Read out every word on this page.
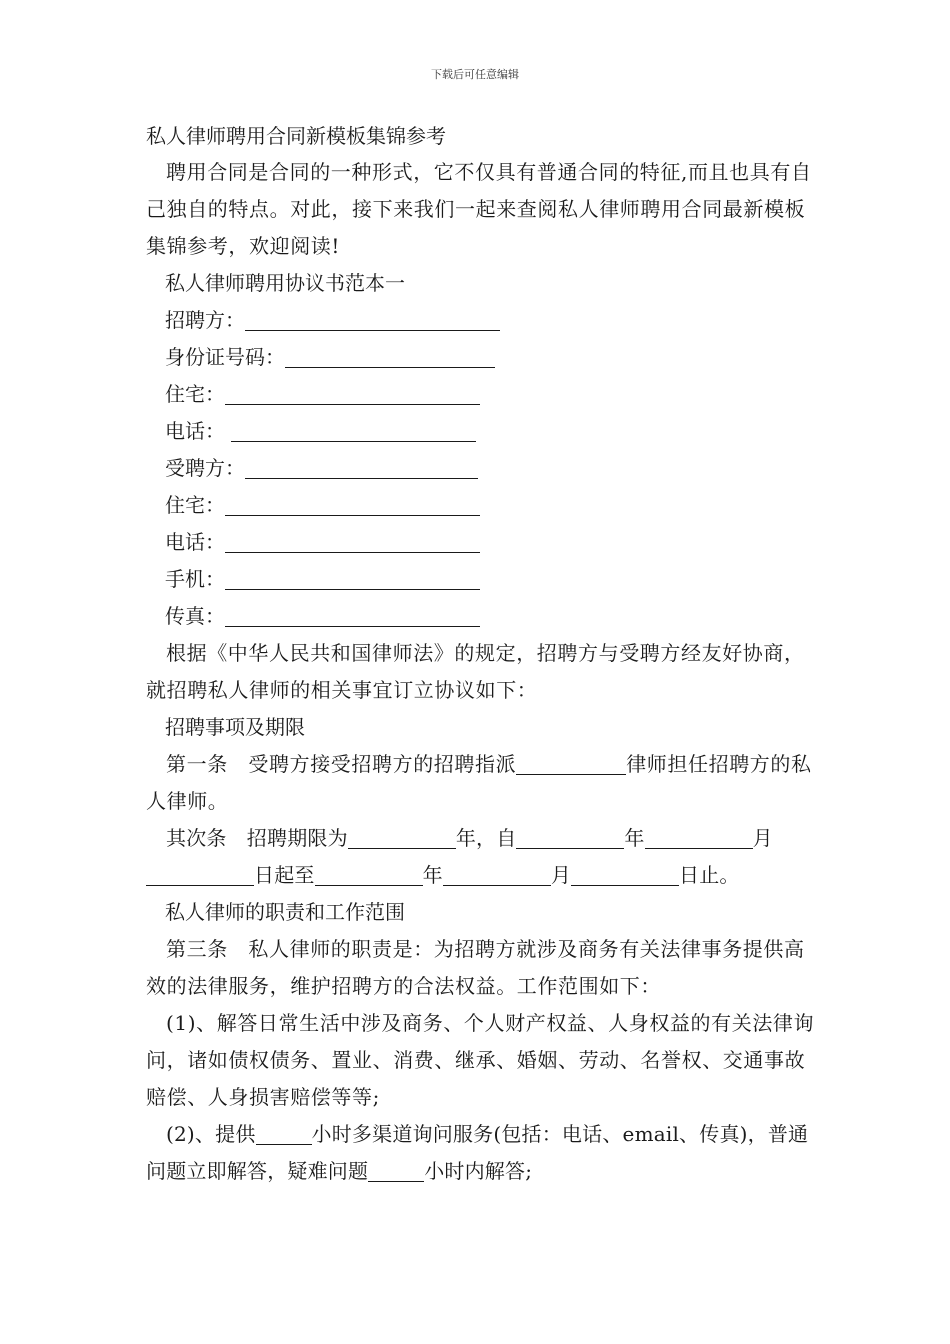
下载后可任意编辑

私人律师聘用合同新模板集锦参考

聘用合同是合同的一种形式，它不仅具有普通合同的特征,而且也具有自己独自的特点。对此，接下来我们一起来查阅私人律师聘用合同最新模板集锦参考，欢迎阅读!

私人律师聘用协议书范本一

招聘方：

身份证号码：

住宅：

电话：

受聘方：

住宅：

电话：

手机：

传真：

根据《中华人民共和国律师法》的规定，招聘方与受聘方经友好协商，就招聘私人律师的相关事宜订立协议如下：

招聘事项及期限

第一条　受聘方接受招聘方的招聘指派	律师担任招聘方的私人律师。

其次条　招聘期限为	年，自	年	月日起至	年	月	日止。

私人律师的职责和工作范围

第三条　私人律师的职责是：为招聘方就涉及商务有关法律事务提供高效的法律服务，维护招聘方的合法权益。工作范围如下：

(1)、解答日常生活中涉及商务、个人财产权益、人身权益的有关法律询问，诸如债权债务、置业、消费、继承、婚姻、劳动、名誉权、交通事故赔偿、人身损害赔偿等等;

(2)、提供	小时多渠道询问服务(包括：电话、email、传真)，普通问题立即解答，疑难问题	小时内解答;
